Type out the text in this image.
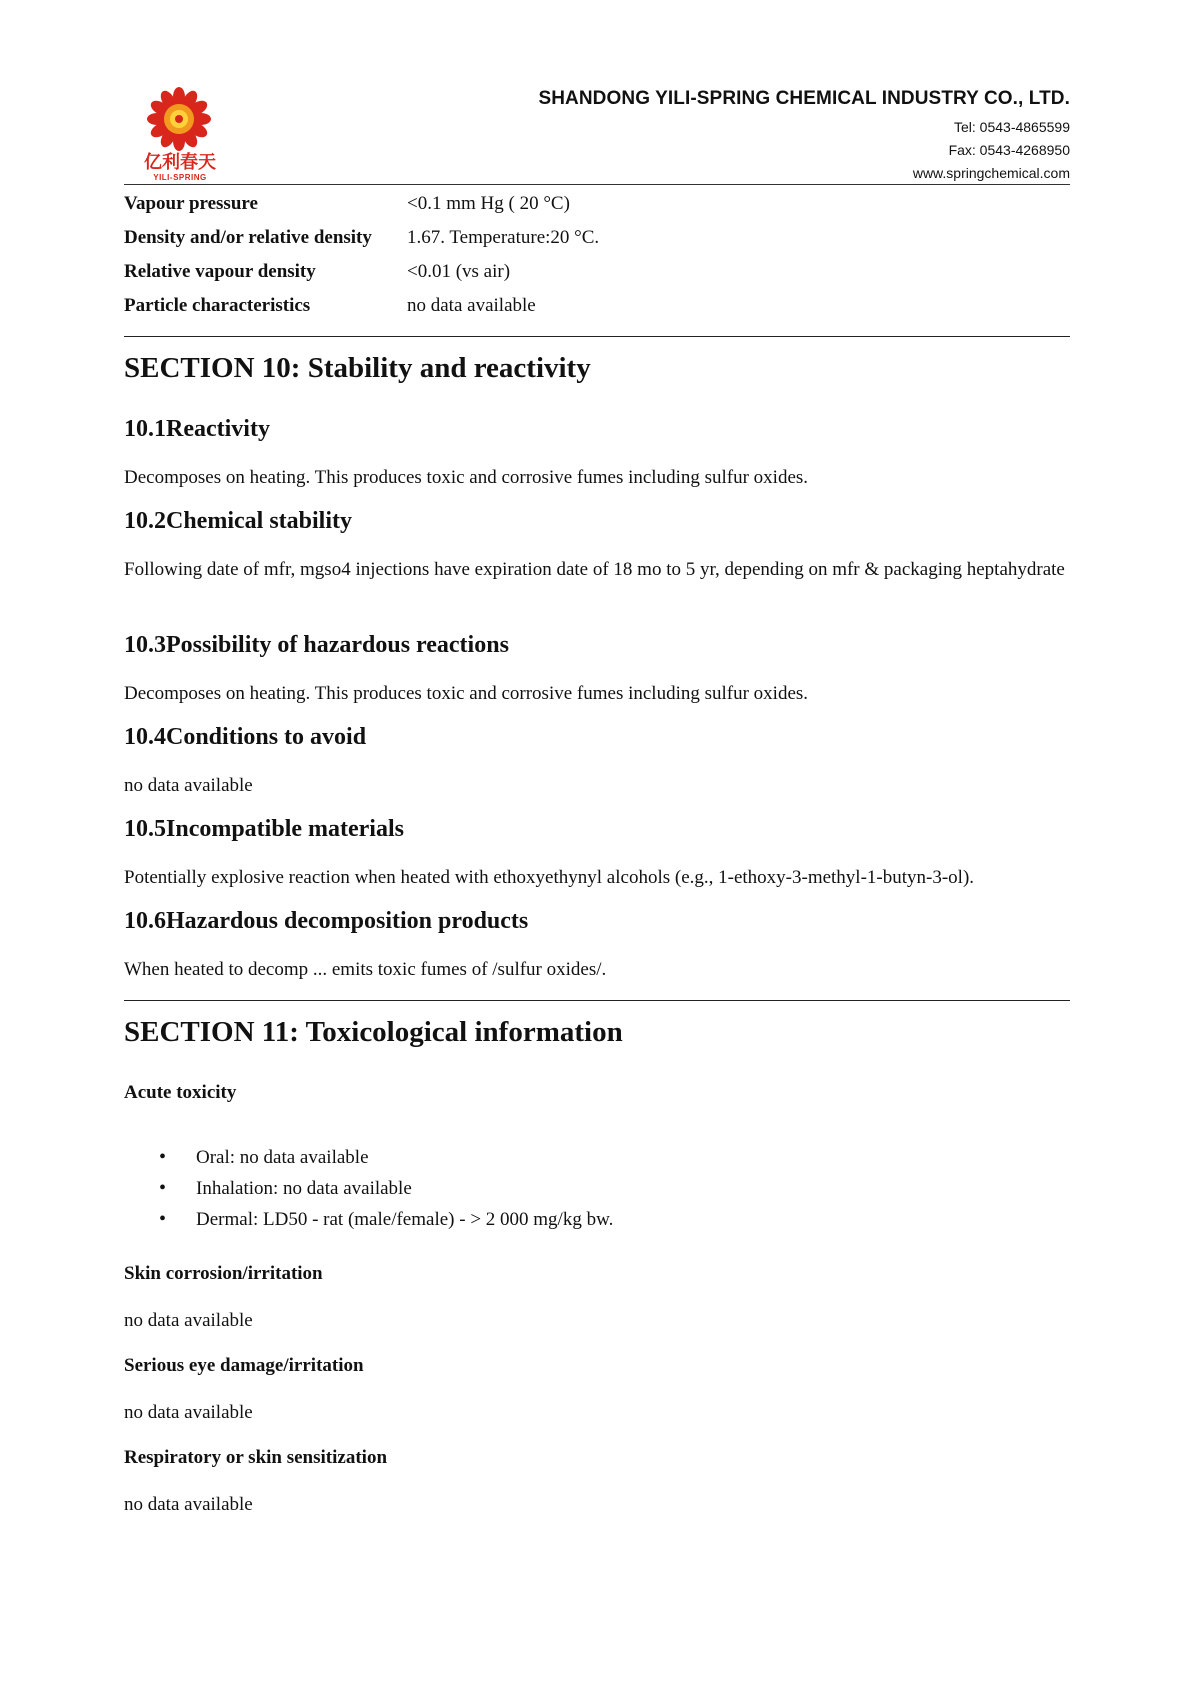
亿利春天
YILI-SPRING
SHANDONG YILI-SPRING CHEMICAL INDUSTRY CO., LTD.
Tel: 0543-4865599
Fax: 0543-4268950
www.springchemical.com
Vapour pressure	<0.1 mm Hg ( 20 °C)
Density and/or relative density	1.67. Temperature:20 °C.
Relative vapour density	<0.01 (vs air)
Particle characteristics	no data available
SECTION 10: Stability and reactivity
10.1Reactivity

Decomposes on heating. This produces toxic and corrosive fumes including sulfur oxides.

10.2Chemical stability

Following date of mfr, mgso4 injections have expiration date of 18 mo to 5 yr, depending on mfr & packaging heptahydrate

10.3Possibility of hazardous reactions

Decomposes on heating. This produces toxic and corrosive fumes including sulfur oxides.

10.4Conditions to avoid

no data available

10.5Incompatible materials

Potentially explosive reaction when heated with ethoxyethynyl alcohols (e.g., 1-ethoxy-3-methyl-1-butyn-3-ol).

10.6Hazardous decomposition products

When heated to decomp ... emits toxic fumes of /sulfur oxides/.

SECTION 11: Toxicological information

Acute toxicity

• Oral: no data available
• Inhalation: no data available
• Dermal: LD50 - rat (male/female) - > 2 000 mg/kg bw.

Skin corrosion/irritation

no data available

Serious eye damage/irritation

no data available

Respiratory or skin sensitization

no data available
